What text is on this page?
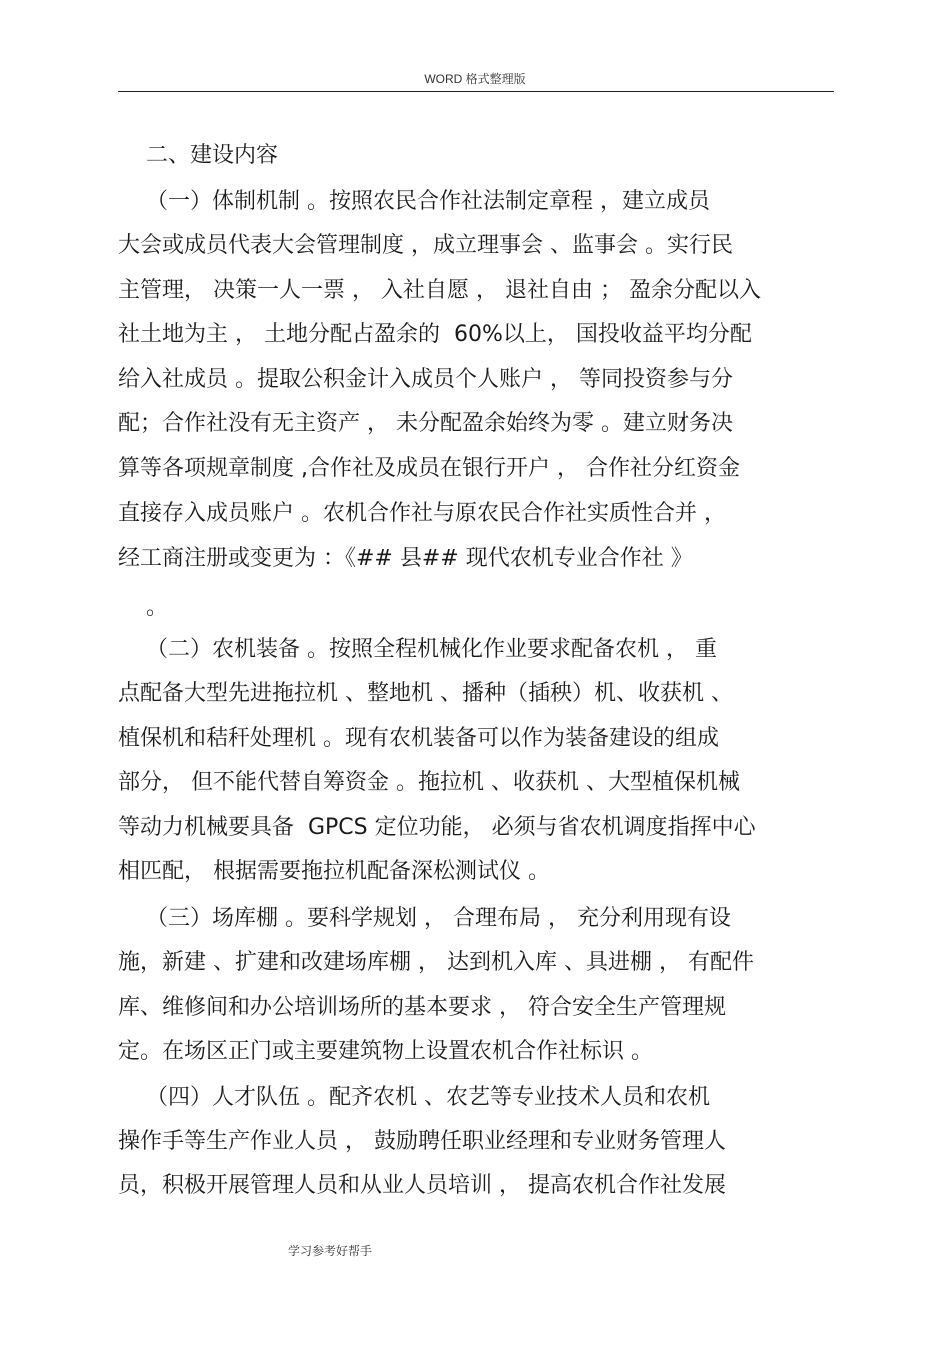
WORD 格式整理版
二、建设内容
（一）体制机制 。按照农民合作社法制定章程 ，建立成员
大会或成员代表大会管理制度 ，成立理事会 、监事会 。实行民
主管理， 决策一人一票 ， 入社自愿 ， 退社自由 ； 盈余分配以入
社土地为主 ， 土地分配占盈余的  60%以上， 国投收益平均分配
给入社成员 。提取公积金计入成员个人账户 ， 等同投资参与分
配；合作社没有无主资产 ， 未分配盈余始终为零 。建立财务决
算等各项规章制度 ,合作社及成员在银行开户 ， 合作社分红资金
直接存入成员账户 。农机合作社与原农民合作社实质性合并 ，
经工商注册或变更为 ：《## 县## 现代农机专业合作社 》
。
（二）农机装备 。按照全程机械化作业要求配备农机 ， 重
点配备大型先进拖拉机 、整地机 、播种（插秧）机、收获机 、
植保机和秸秆处理机 。现有农机装备可以作为装备建设的组成
部分， 但不能代替自筹资金 。拖拉机 、收获机 、大型植保机械
等动力机械要具备  GPCS 定位功能， 必须与省农机调度指挥中心
相匹配， 根据需要拖拉机配备深松测试仪 。
（三）场库棚 。要科学规划 ， 合理布局 ， 充分利用现有设
施，新建 、扩建和改建场库棚 ， 达到机入库 、具进棚 ， 有配件
库、维修间和办公培训场所的基本要求 ， 符合安全生产管理规
定。在场区正门或主要建筑物上设置农机合作社标识 。
（四）人才队伍 。配齐农机 、农艺等专业技术人员和农机
操作手等生产作业人员 ， 鼓励聘任职业经理和专业财务管理人
员，积极开展管理人员和从业人员培训 ， 提高农机合作社发展
学习参考好帮手
